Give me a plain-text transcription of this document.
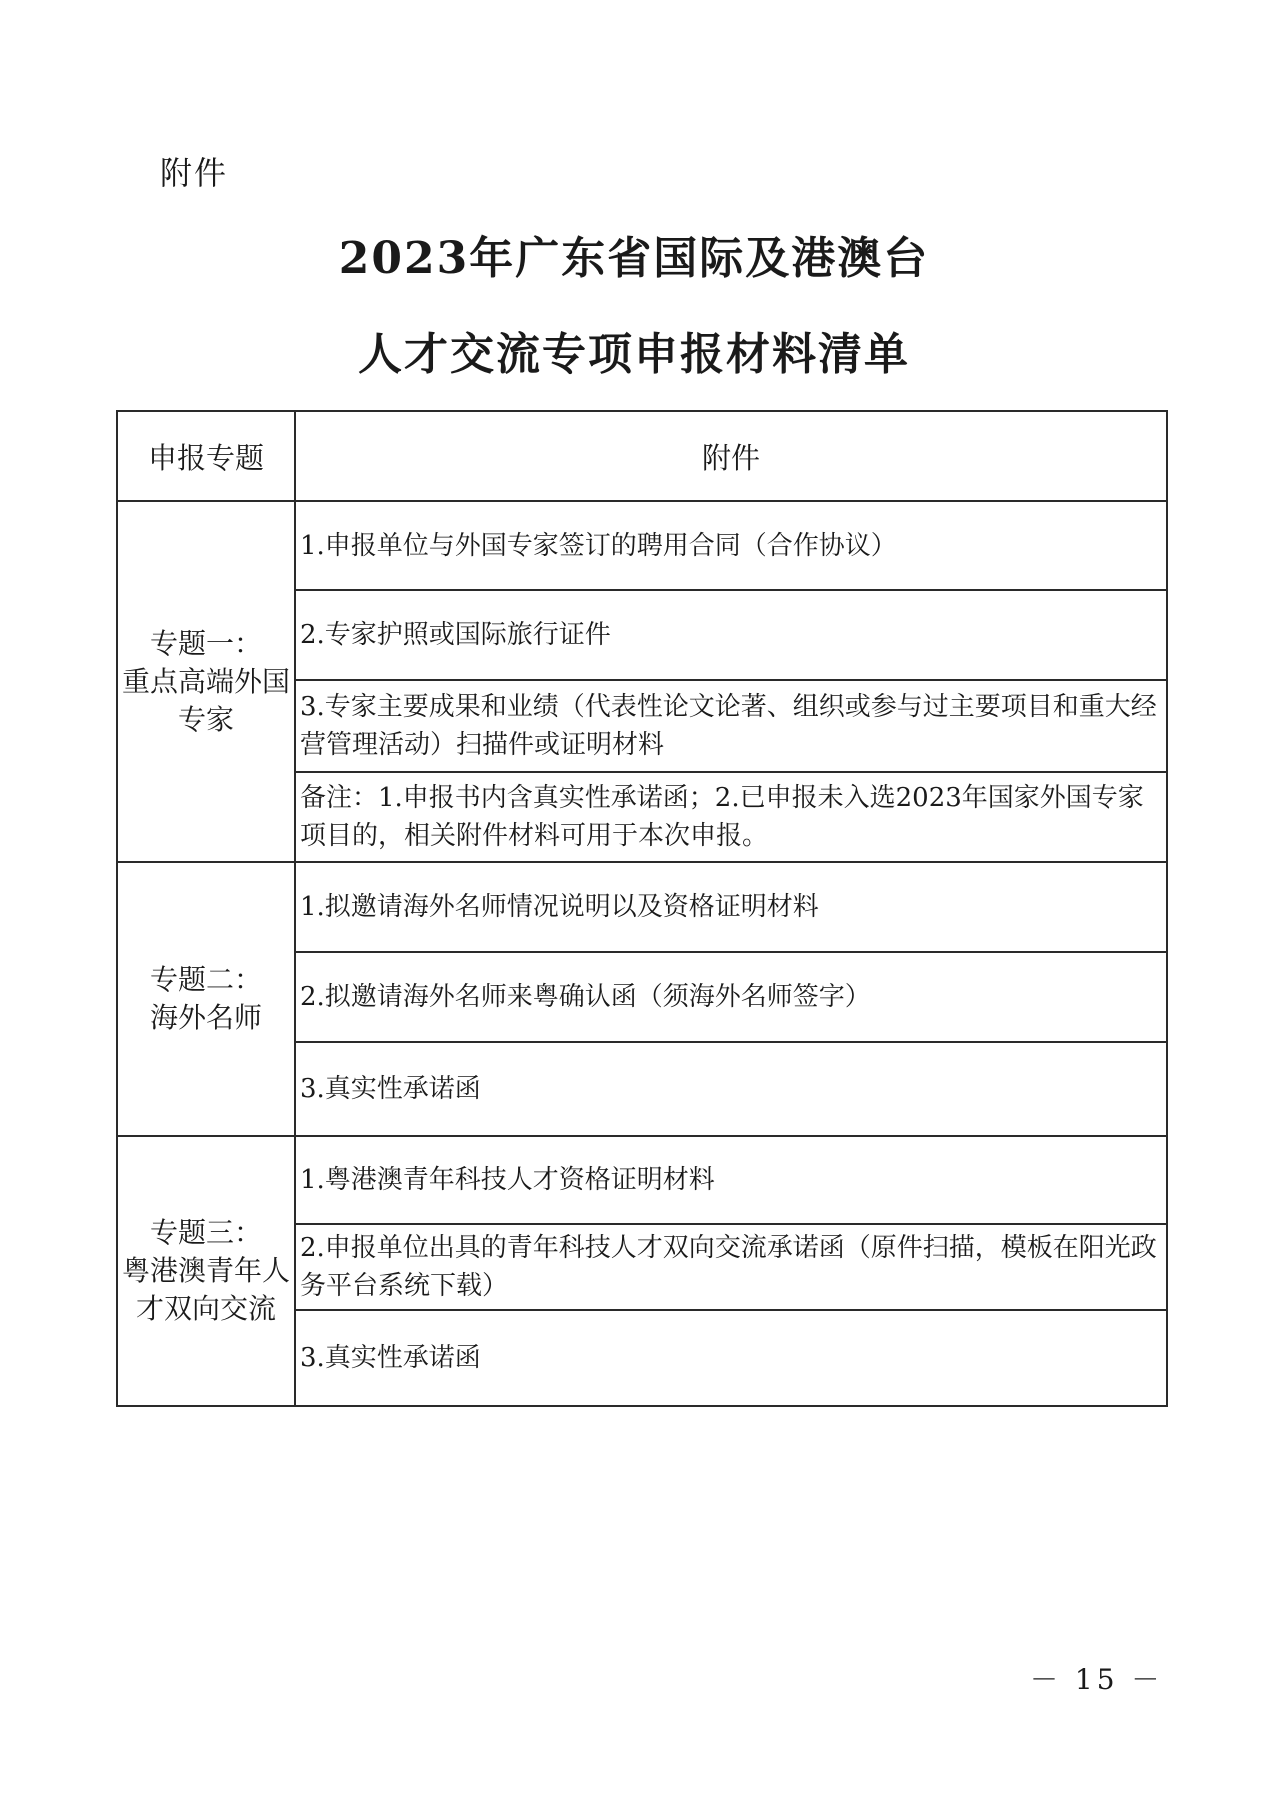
附件
2023年广东省国际及港澳台
人才交流专项申报材料清单
申报专题	附件

专题一：
重点高端外国
专家	1.申报单位与外国专家签订的聘用合同（合作协议）
	2.专家护照或国际旅行证件
	3.专家主要成果和业绩（代表性论文论著、组织或参与过主要项目和重大经营管理活动）扫描件或证明材料
	备注：1.申报书内含真实性承诺函；2.已申报未入选2023年国家外国专家项目的，相关附件材料可用于本次申报。

专题二：
海外名师	1.拟邀请海外名师情况说明以及资格证明材料
	2.拟邀请海外名师来粤确认函（须海外名师签字）
	3.真实性承诺函

专题三：
粤港澳青年人
才双向交流	1.粤港澳青年科技人才资格证明材料
	2.申报单位出具的青年科技人才双向交流承诺函（原件扫描，模板在阳光政务平台系统下载）
	3.真实性承诺函
－ 15 －
